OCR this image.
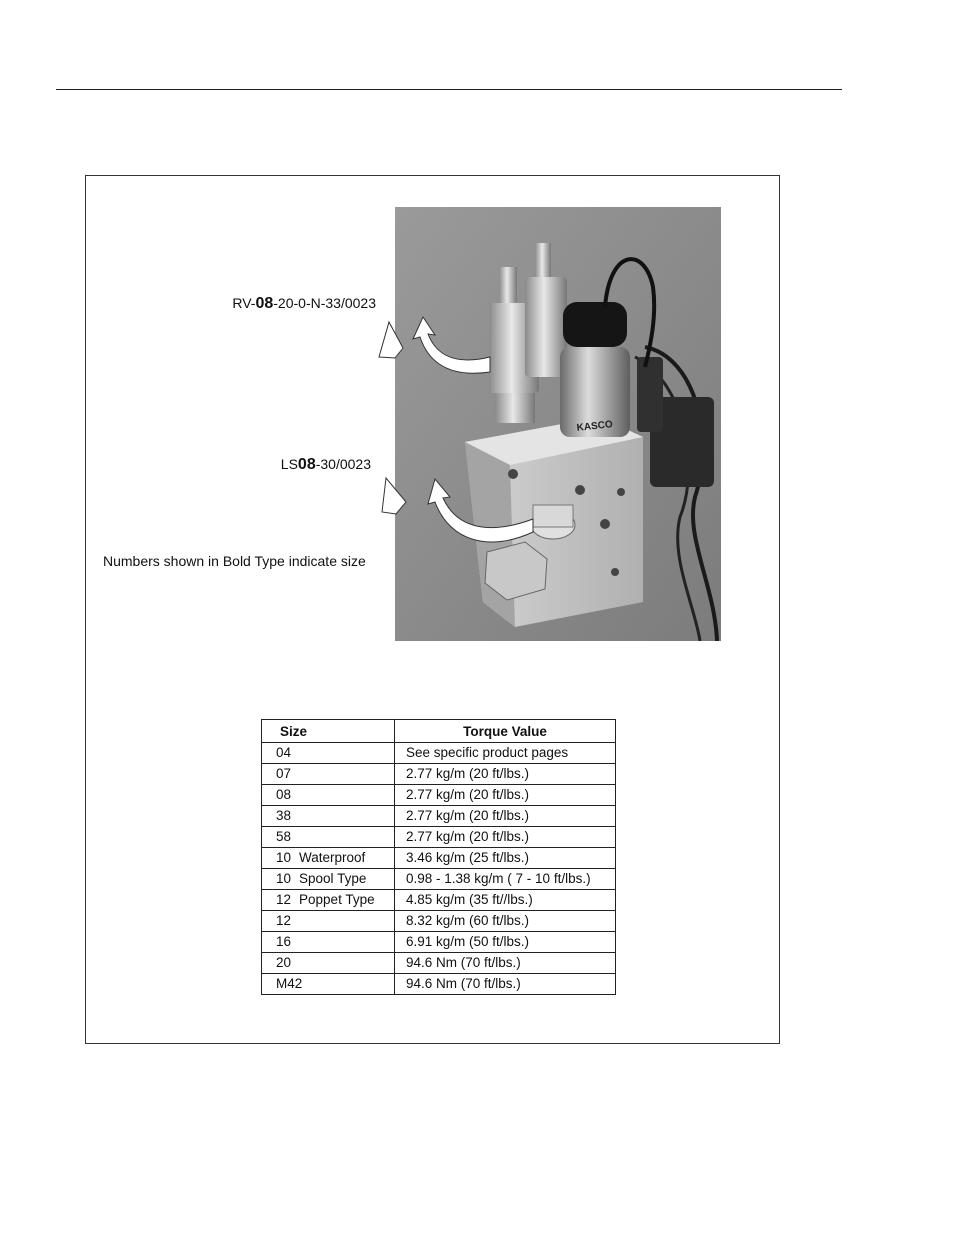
KASCO
RV-08-20-0-N-33/0023
LS08-30/0023
Numbers shown in Bold Type indicate size
Size	Torque Value
04	See specific product pages
07	2.77 kg/m (20 ft/lbs.)
08	2.77 kg/m (20 ft/lbs.)
38	2.77 kg/m (20 ft/lbs.)
58	2.77 kg/m (20 ft/lbs.)
10 Waterproof	3.46 kg/m (25 ft/lbs.)
10 Spool Type	0.98 - 1.38 kg/m ( 7 - 10 ft/lbs.)
12 Poppet Type	4.85 kg/m (35 ft//lbs.)
12	8.32 kg/m (60 ft/lbs.)
16	6.91 kg/m (50 ft/lbs.)
20	94.6 Nm (70 ft/lbs.)
M42	94.6 Nm (70 ft/lbs.)
